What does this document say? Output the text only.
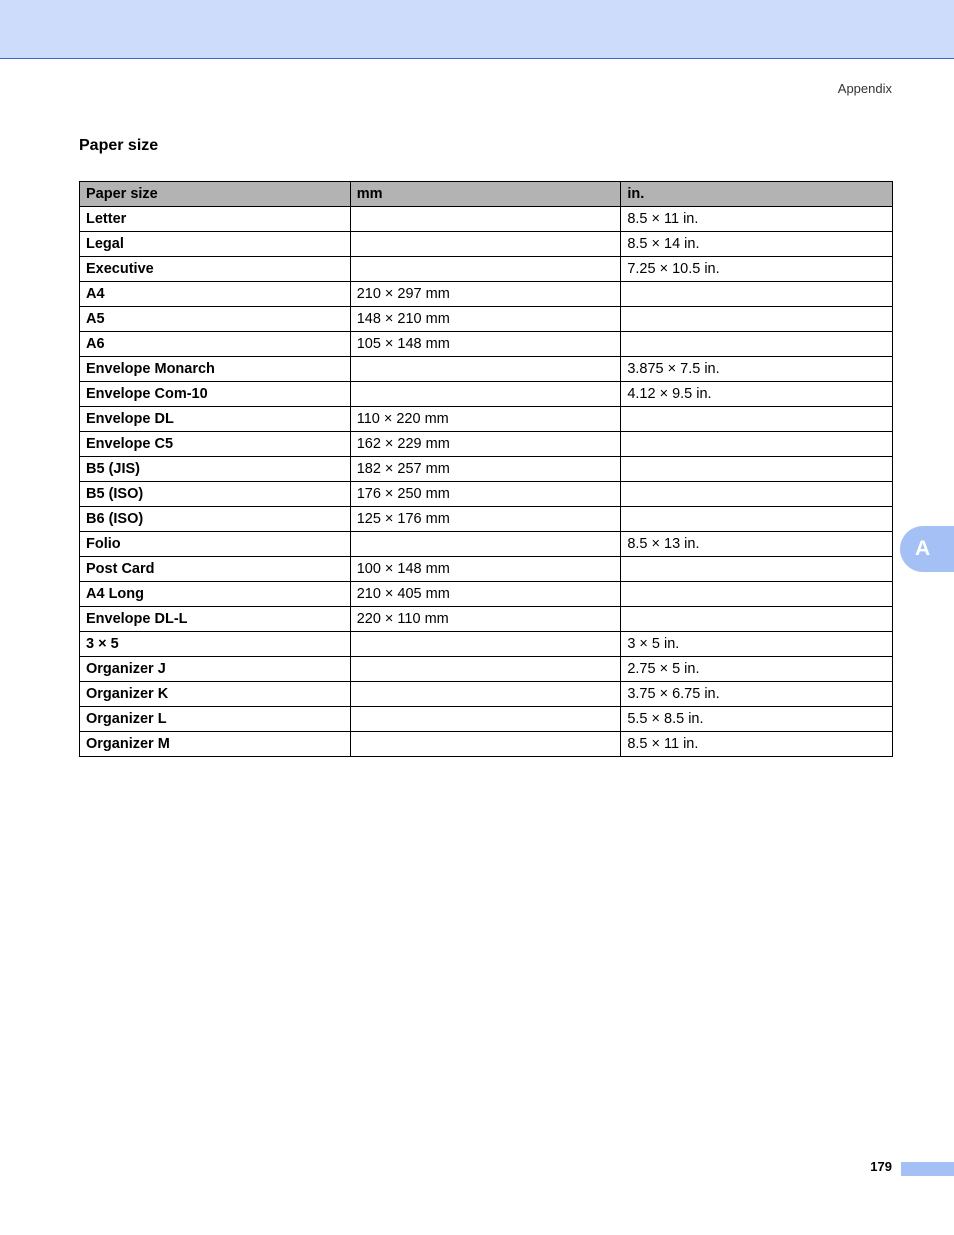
Appendix
Paper size
Paper size	mm	in.
Letter		8.5 × 11 in.
Legal		8.5 × 14 in.
Executive		7.25 × 10.5 in.
A4	210 × 297 mm	
A5	148 × 210 mm	
A6	105 × 148 mm	
Envelope Monarch		3.875 × 7.5 in.
Envelope Com-10		4.12 × 9.5 in.
Envelope DL	110 × 220 mm	
Envelope C5	162 × 229 mm	
B5 (JIS)	182 × 257 mm	
B5 (ISO)	176 × 250 mm	
B6 (ISO)	125 × 176 mm	
Folio		8.5 × 13 in.
Post Card	100 × 148 mm	
A4 Long	210 × 405 mm	
Envelope DL-L	220 × 110 mm	
3 × 5		3 × 5 in.
Organizer J		2.75 × 5 in.
Organizer K		3.75 × 6.75 in.
Organizer L		5.5 × 8.5 in.
Organizer M		8.5 × 11 in.
A
179
